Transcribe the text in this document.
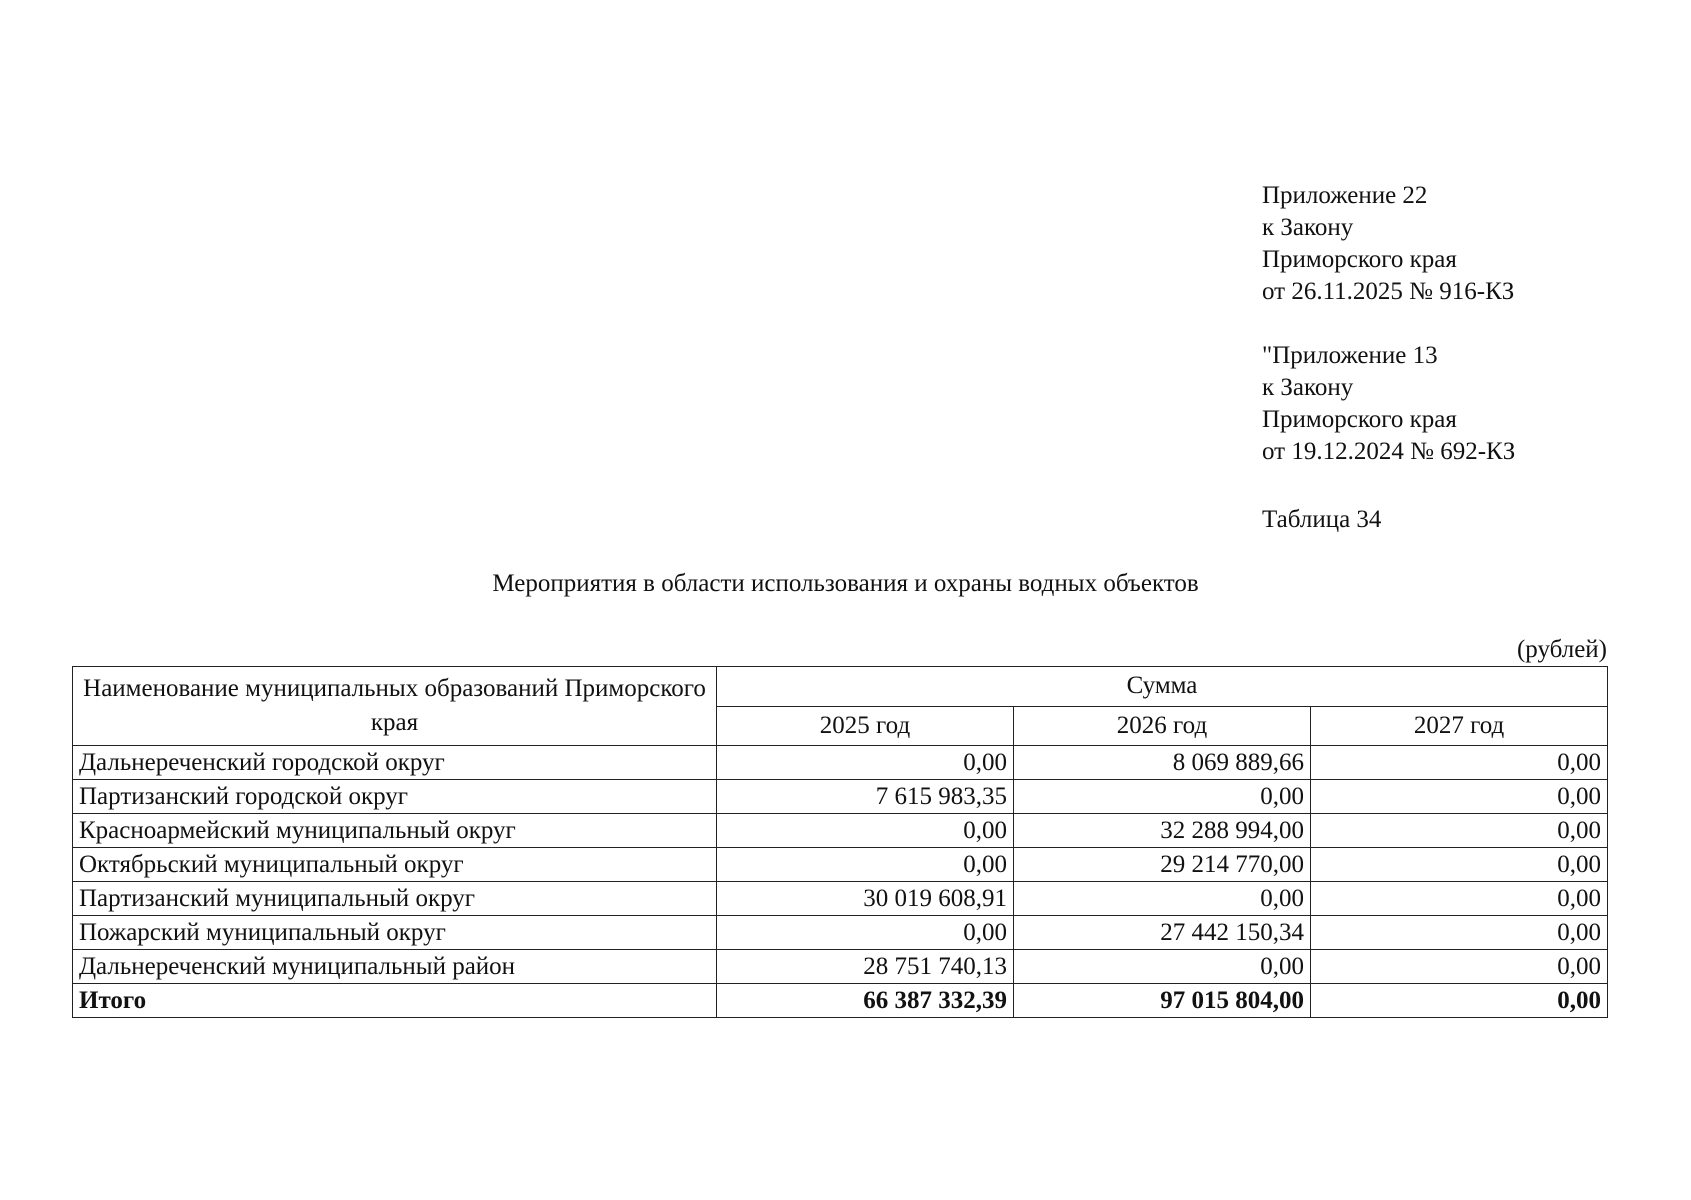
Приложение 22
к Закону
Приморского края
от 26.11.2025 № 916-КЗ
"Приложение 13
к Закону
Приморского края
от 19.12.2024 № 692-КЗ
Таблица 34
Мероприятия в области использования и охраны водных объектов
(рублей)
Наименование муниципальных образований Приморского края	Сумма		
	2025 год	2026 год	2027 год
Дальнереченский городской округ	0,00	8 069 889,66	0,00
Партизанский городской округ	7 615 983,35	0,00	0,00
Красноармейский муниципальный округ	0,00	32 288 994,00	0,00
Октябрьский муниципальный округ	0,00	29 214 770,00	0,00
Партизанский муниципальный округ	30 019 608,91	0,00	0,00
Пожарский муниципальный округ	0,00	27 442 150,34	0,00
Дальнереченский муниципальный район	28 751 740,13	0,00	0,00
Итого	66 387 332,39	97 015 804,00	0,00
